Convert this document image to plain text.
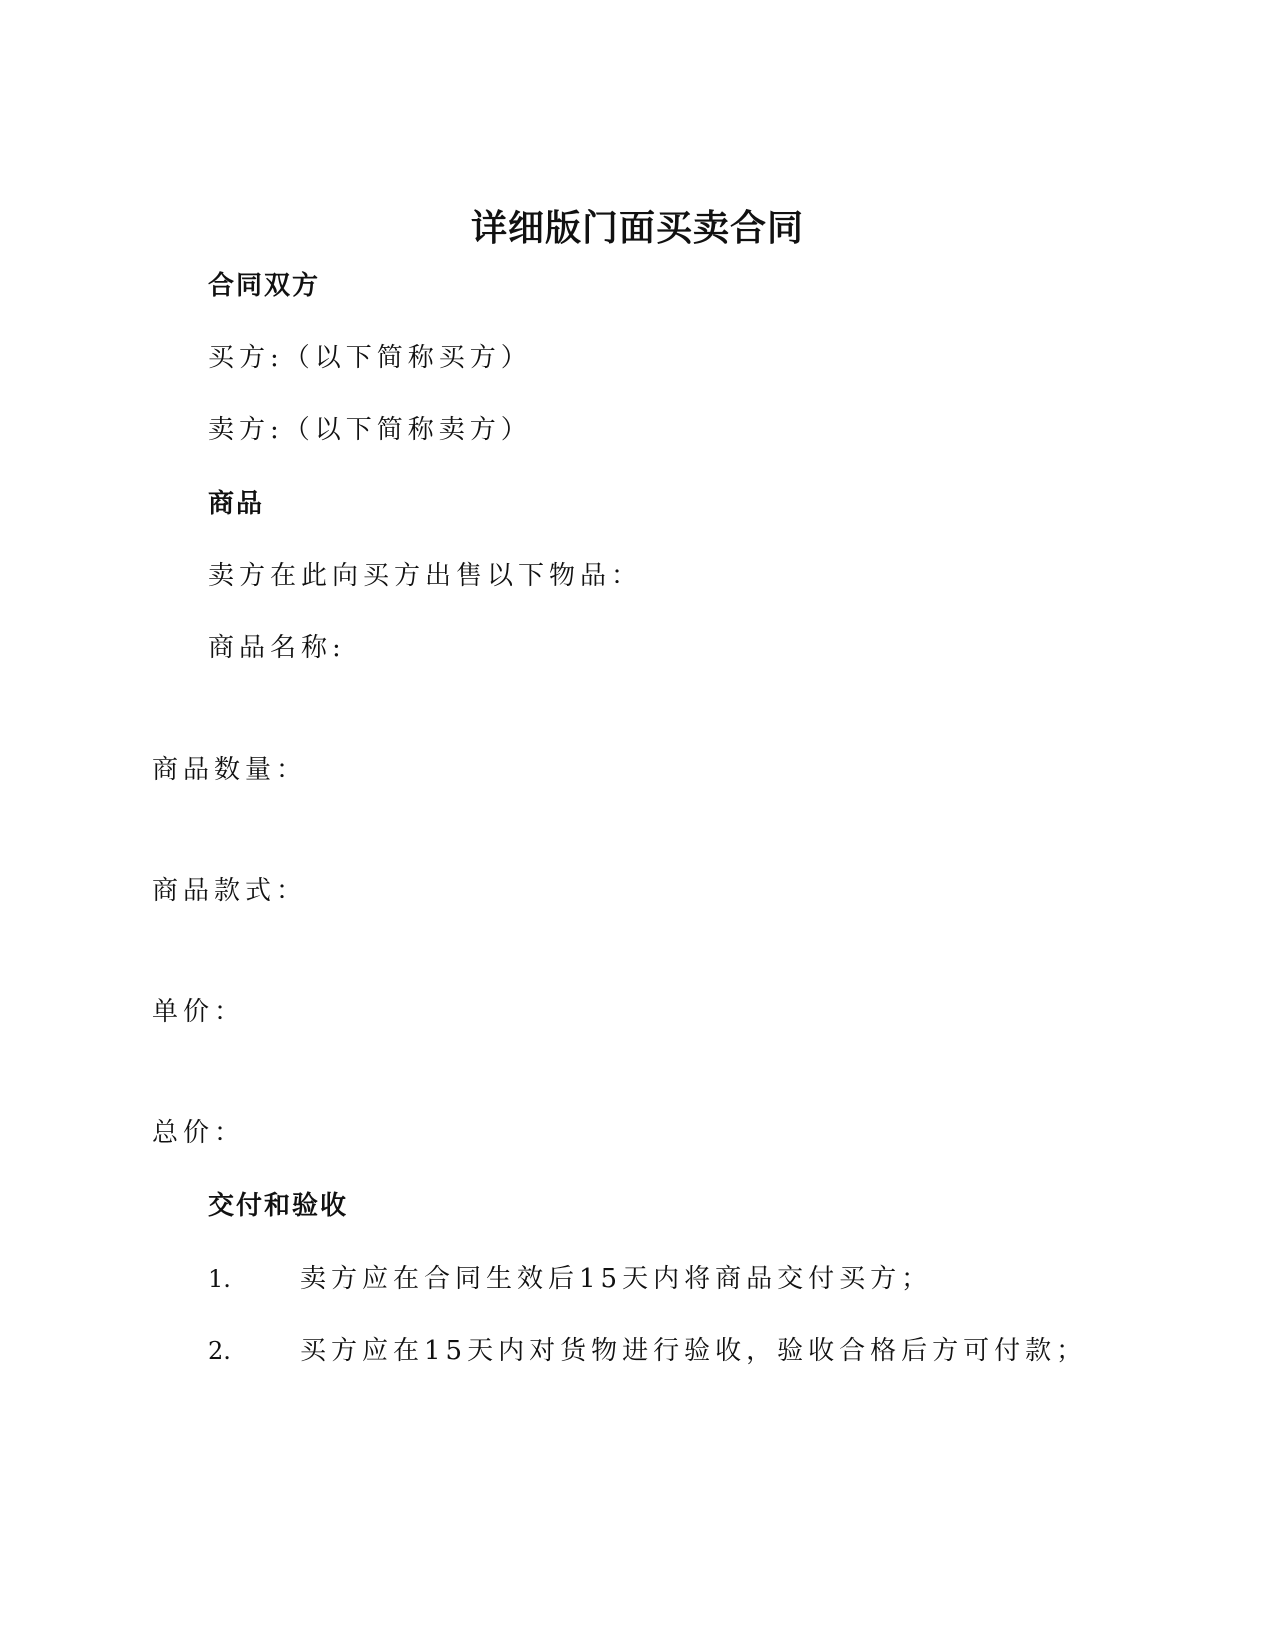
详细版门面买卖合同
合同双方
买方:（以下简称买方）
卖方:（以下简称卖方）
商品
卖方在此向买方出售以下物品：
商品名称:
商品数量：
商品款式：
单价：
总价：
交付和验收
1.	卖方应在合同生效后15天内将商品交付买方；
2.	买方应在15天内对货物进行验收，验收合格后方可付款；
